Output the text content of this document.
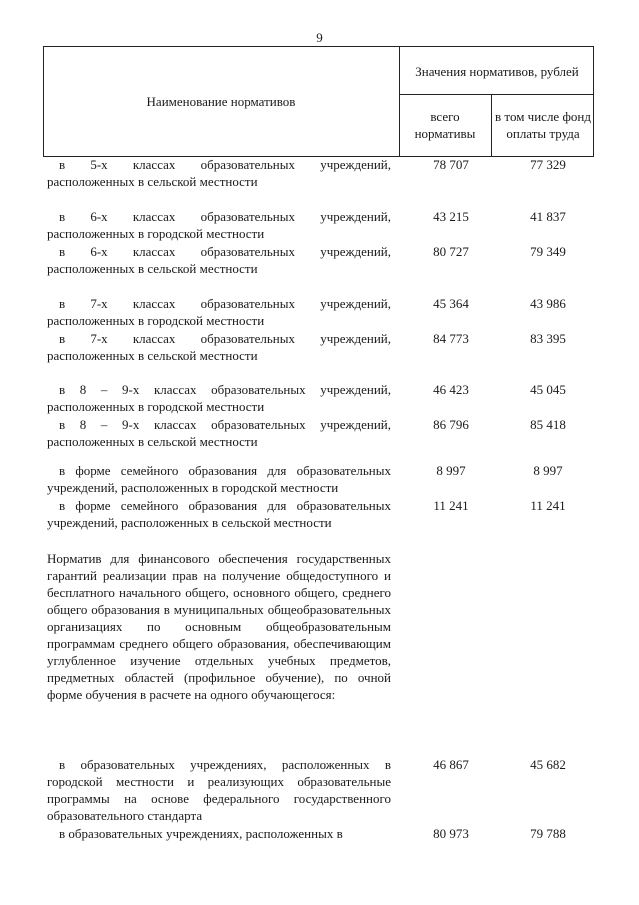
9
Наименование нормативов
Значения нормативов, рублей
всего нормативы
в том числе фонд оплаты труда
в 5-х классах образовательных учреждений, расположенных в сельской местности
78 707	77 329
в 6-х классах образовательных учреждений, расположенных в городской местности
43 215	41 837
в 6-х классах образовательных учреждений, расположенных в сельской местности
80 727	79 349
в 7-х классах образовательных учреждений, расположенных в городской местности
45 364	43 986
в 7-х классах образовательных учреждений, расположенных в сельской местности
84 773	83 395
в 8 – 9-х классах образовательных учреждений, расположенных в городской местности
46 423	45 045
в 8 – 9-х классах образовательных учреждений, расположенных в сельской местности
86 796	85 418
в форме семейного образования для образовательных учреждений, расположенных в городской местности
8 997	8 997
в форме семейного образования для образовательных учреждений, расположенных в сельской местности
11 241	11 241
Норматив для финансового обеспечения государственных гарантий реализации прав на получение общедоступного и бесплатного начального общего, основного общего, среднего общего образования в муниципальных общеобразовательных организациях по основным общеобразовательным программам среднего общего образования, обеспечивающим углубленное изучение отдельных учебных предметов, предметных областей (профильное обучение), по очной форме обучения в расчете на одного обучающегося:
в образовательных учреждениях, расположенных в городской местности и реализующих образовательные программы на основе федерального государственного образовательного стандарта
46 867	45 682
в образовательных учреждениях, расположенных в	80 973	79 788
